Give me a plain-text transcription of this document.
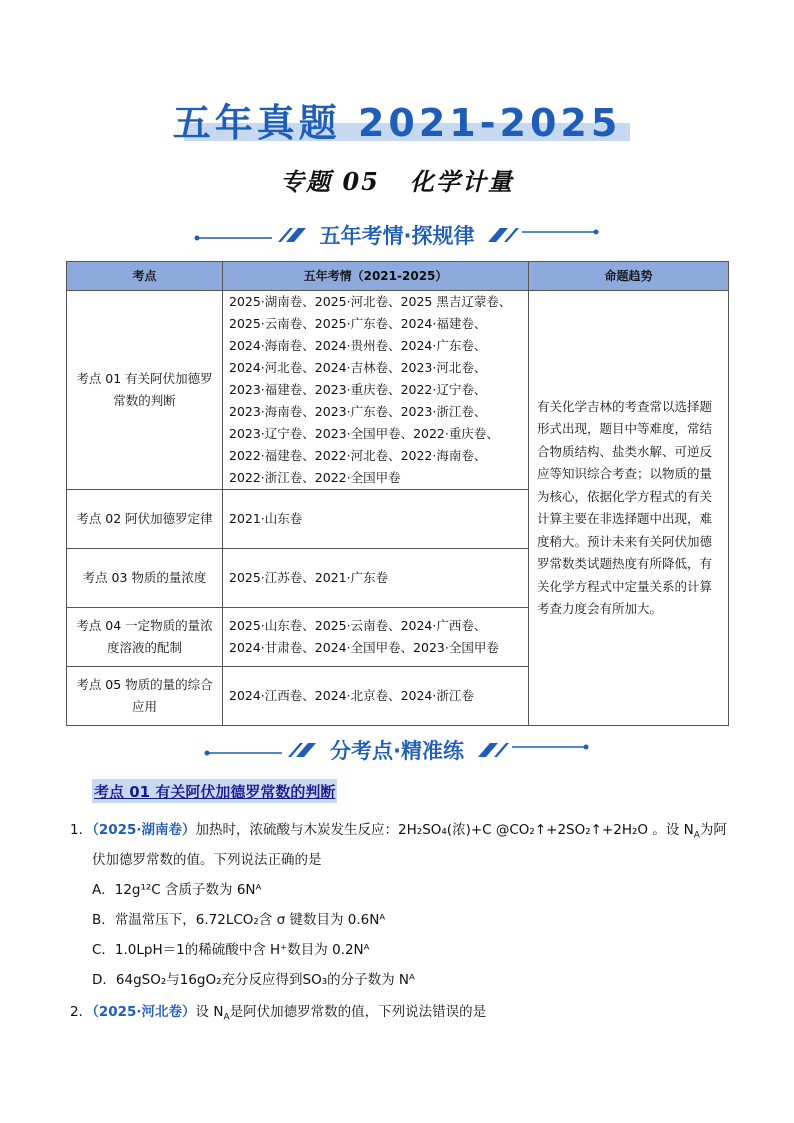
五年真题 2021-2025
专题 05 化学计量
五年考情·探规律
考点	五年考情（2021-2025）	命题趋势
考点 01 有关阿伏加德罗常数的判断	2025·湖南卷、2025·河北卷、2025 黑吉辽蒙卷、2025·云南卷、2025·广东卷、2024·福建卷、2024·海南卷、2024·贵州卷、2024·广东卷、2024·河北卷、2024·吉林卷、2023·河北卷、2023·福建卷、2023·重庆卷、2022·辽宁卷、2023·海南卷、2023·广东卷、2023·浙江卷、2023·辽宁卷、2023·全国甲卷、2022·重庆卷、2022·福建卷、2022·河北卷、2022·海南卷、2022·浙江卷、2022·全国甲卷	有关化学吉林的考查常以选择题形式出现，题目中等难度，常结合物质结构、盐类水解、可逆反应等知识综合考查；以物质的量为核心，依据化学方程式的有关计算主要在非选择题中出现，难度稍大。预计未来有关阿伏加德罗常数类试题热度有所降低，有关化学方程式中定量关系的计算考查力度会有所加大。
考点 02 阿伏加德罗定律	2021·山东卷	
考点 03 物质的量浓度	2025·江苏卷、2021·广东卷	
考点 04 一定物质的量浓度溶液的配制	2025·山东卷、2025·云南卷、2024·广西卷、2024·甘肃卷、2024·全国甲卷、2023·全国甲卷	
考点 05 物质的量的综合应用	2024·江西卷、2024·北京卷、2024·浙江卷	
分考点·精准练
考点 01 有关阿伏加德罗常数的判断
1．（2025·湖南卷）加热时，浓硫酸与木炭发生反应：2H₂SO₄(浓)+C @CO₂↑+2SO₂↑+2H₂O 。设 $N_A$为阿
伏加德罗常数的值。下列说法正确的是
A．12g¹²C 含质子数为 6Nᴬ
B．常温常压下，6.72LCO₂含 σ 键数目为 0.6Nᴬ
C．1.0LpH＝1的稀硫酸中含 H⁺数目为 0.2Nᴬ
D．64gSO₂与16gO₂充分反应得到SO₃的分子数为 Nᴬ
2．（2025·河北卷）设 $N_A$是阿伏加德罗常数的值，下列说法错误的是
